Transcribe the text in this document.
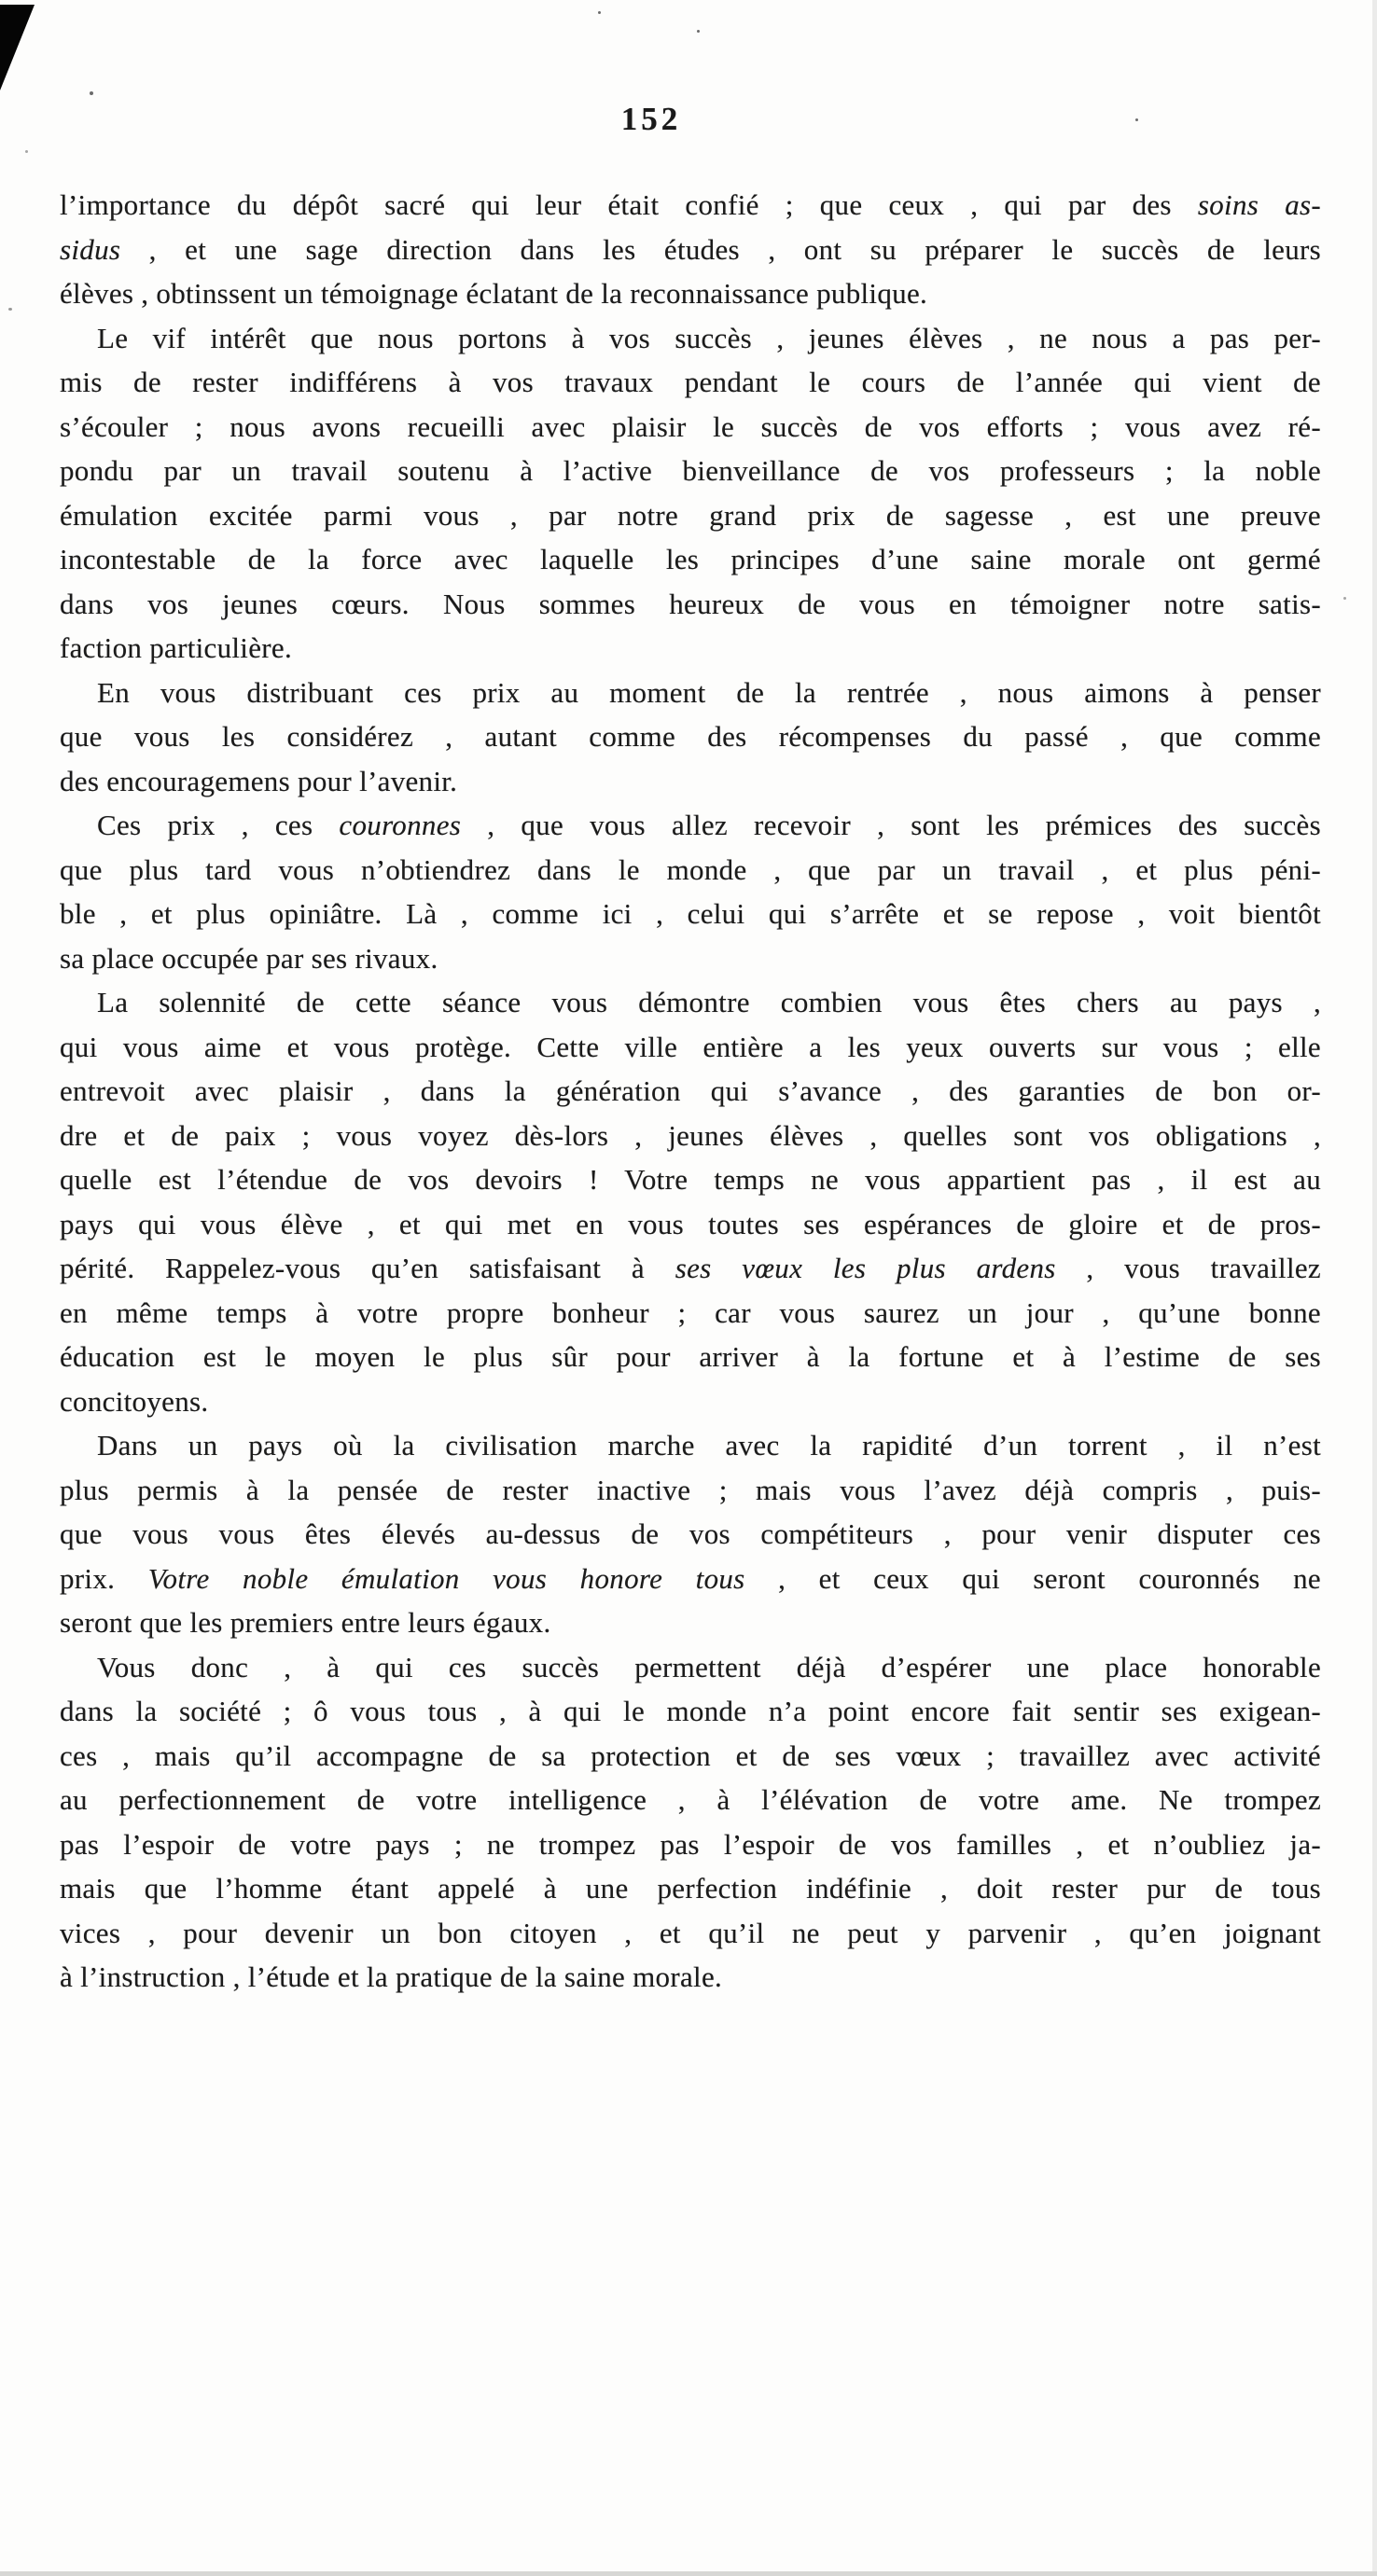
152
l’importance du dépôt sacré qui leur était confié ; que ceux , qui par des soins as-
sidus , et une sage direction dans les études , ont su préparer le succès de leurs
élèves , obtinssent un témoignage éclatant de la reconnaissance publique.
Le vif intérêt que nous portons à vos succès , jeunes élèves , ne nous a pas per-
mis de rester indifférens à vos travaux pendant le cours de l’année qui vient de
s’écouler ; nous avons recueilli avec plaisir le succès de vos efforts ; vous avez ré-
pondu par un travail soutenu à l’active bienveillance de vos professeurs ; la noble
émulation excitée parmi vous , par notre grand prix de sagesse , est une preuve
incontestable de la force avec laquelle les principes d’une saine morale ont germé
dans vos jeunes cœurs. Nous sommes heureux de vous en témoigner notre satis-
faction particulière.
En vous distribuant ces prix au moment de la rentrée , nous aimons à penser
que vous les considérez , autant comme des récompenses du passé , que comme
des encouragemens pour l’avenir.
Ces prix , ces couronnes , que vous allez recevoir , sont les prémices des succès
que plus tard vous n’obtiendrez dans le monde , que par un travail , et plus péni-
ble , et plus opiniâtre. Là , comme ici , celui qui s’arrête et se repose , voit bientôt
sa place occupée par ses rivaux.
La solennité de cette séance vous démontre combien vous êtes chers au pays ,
qui vous aime et vous protège. Cette ville entière a les yeux ouverts sur vous ; elle
entrevoit avec plaisir , dans la génération qui s’avance , des garanties de bon or-
dre et de paix ; vous voyez dès-lors , jeunes élèves , quelles sont vos obligations ,
quelle est l’étendue de vos devoirs ! Votre temps ne vous appartient pas , il est au
pays qui vous élève , et qui met en vous toutes ses espérances de gloire et de pros-
périté. Rappelez-vous qu’en satisfaisant à ses vœux les plus ardens , vous travaillez
en même temps à votre propre bonheur ; car vous saurez un jour , qu’une bonne
éducation est le moyen le plus sûr pour arriver à la fortune et à l’estime de ses
concitoyens.
Dans un pays où la civilisation marche avec la rapidité d’un torrent , il n’est
plus permis à la pensée de rester inactive ; mais vous l’avez déjà compris , puis-
que vous vous êtes élevés au-dessus de vos compétiteurs , pour venir disputer ces
prix. Votre noble émulation vous honore tous , et ceux qui seront couronnés ne
seront que les premiers entre leurs égaux.
Vous donc , à qui ces succès permettent déjà d’espérer une place honorable
dans la société ; ô vous tous , à qui le monde n’a point encore fait sentir ses exigean-
ces , mais qu’il accompagne de sa protection et de ses vœux ; travaillez avec activité
au perfectionnement de votre intelligence , à l’élévation de votre ame. Ne trompez
pas l’espoir de votre pays ; ne trompez pas l’espoir de vos familles , et n’oubliez ja-
mais que l’homme étant appelé à une perfection indéfinie , doit rester pur de tous
vices , pour devenir un bon citoyen , et qu’il ne peut y parvenir , qu’en joignant
à l’instruction , l’étude et la pratique de la saine morale.
